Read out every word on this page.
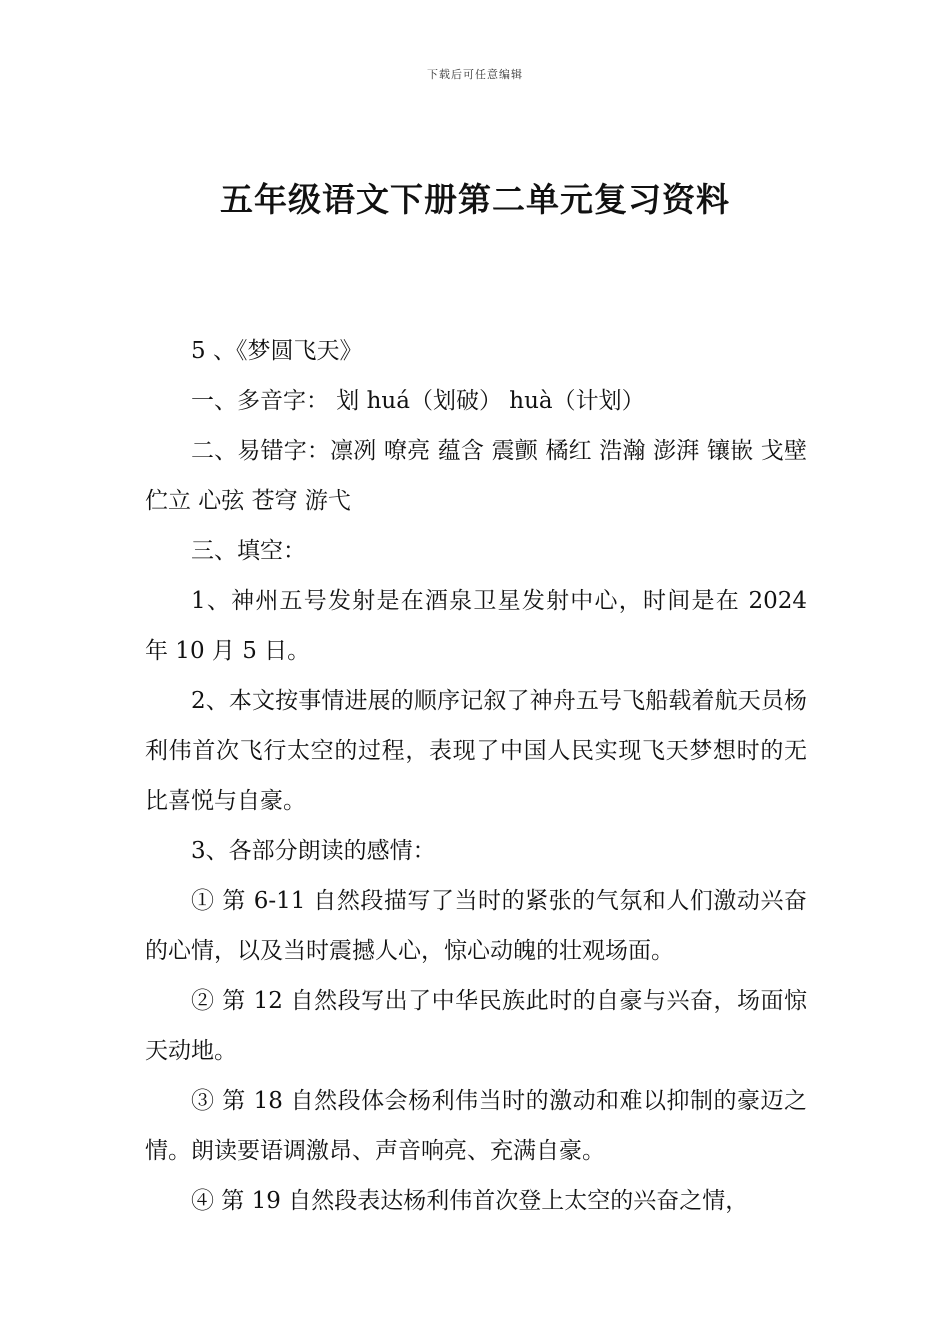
下载后可任意编辑
五年级语文下册第二单元复习资料

5 、《梦圆飞天》

一、多音字： 划 huá（划破） huà（计划）

二、易错字：凛冽 嘹亮 蕴含 震颤 橘红 浩瀚 澎湃 镶嵌 戈壁 伫立 心弦 苍穹 游弋

三、填空：

1、神州五号发射是在酒泉卫星发射中心，时间是在 2024 年 10 月 5 日。

2、本文按事情进展的顺序记叙了神舟五号飞船载着航天员杨利伟首次飞行太空的过程，表现了中国人民实现飞天梦想时的无比喜悦与自豪。

3、各部分朗读的感情：

① 第 6-11 自然段描写了当时的紧张的气氛和人们激动兴奋的心情，以及当时震撼人心，惊心动魄的壮观场面。

② 第 12 自然段写出了中华民族此时的自豪与兴奋，场面惊天动地。

③ 第 18 自然段体会杨利伟当时的激动和难以抑制的豪迈之情。朗读要语调激昂、声音响亮、充满自豪。

④ 第 19 自然段表达杨利伟首次登上太空的兴奋之情，
